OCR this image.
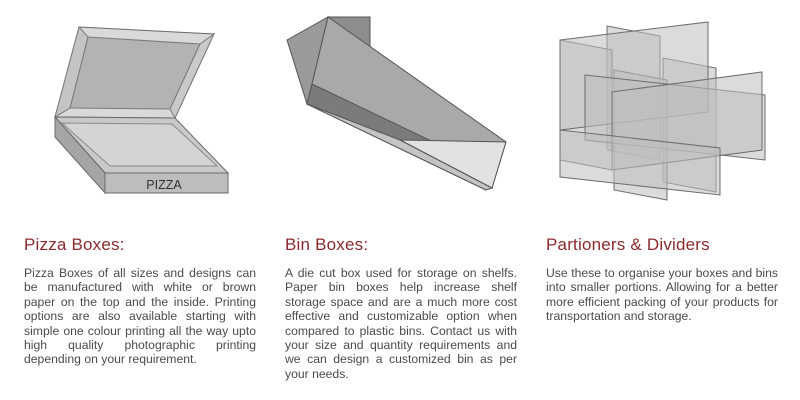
PIZZA
Pizza Boxes:

Pizza Boxes of all sizes and designs can be manufactured with white or brown paper on the top and the inside. Printing options are also available starting with simple one colour printing all the way upto high quality photographic printing depending on your requirement.

Bin Boxes:

A die cut box used for storage on shelfs. Paper bin boxes help increase shelf storage space and are a much more cost effective and customizable option when compared to plastic bins. Contact us with your size and quantity requirements and we can design a customized bin as per your needs.

Partioners & Dividers

Use these to organise your boxes and bins into smaller portions. Allowing for a better more efficient packing of your products for transportation and storage.
